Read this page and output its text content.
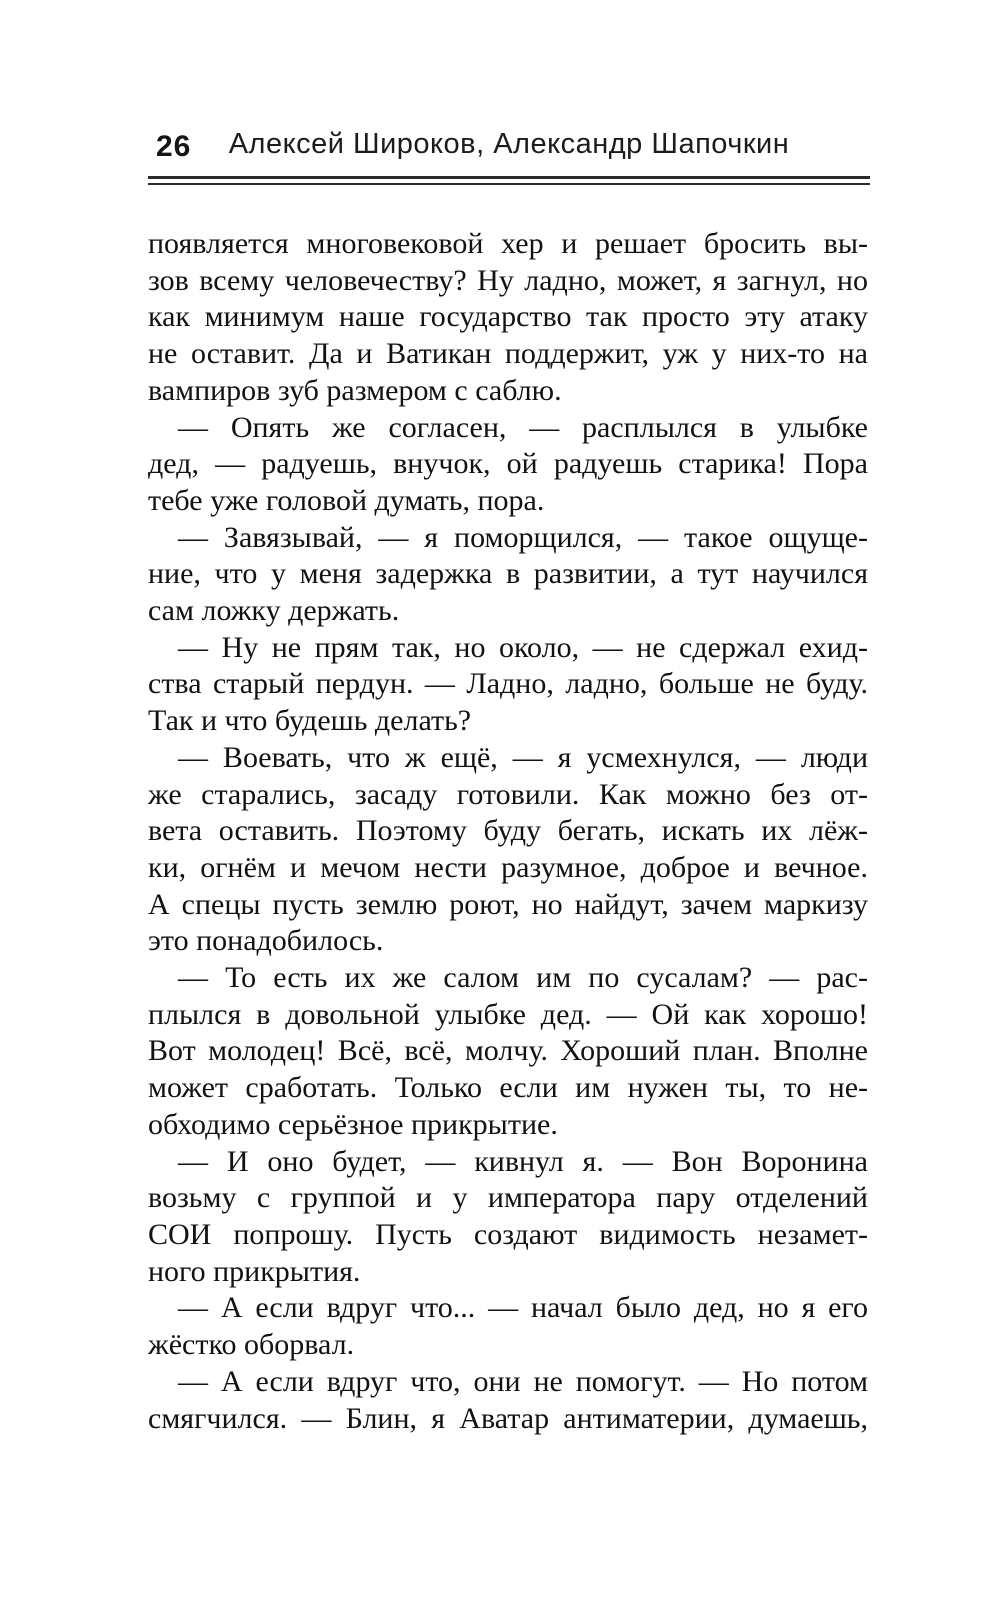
26	Алексей Широков, Александр Шапочкин
появляется многовековой хер и решает бросить вы-
зов всему человечеству? Ну ладно, может, я загнул, но
как минимум наше государство так просто эту атаку
не оставит. Да и Ватикан поддержит, уж у них-то на
вампиров зуб размером с саблю.
— Опять же согласен, — расплылся в улыбке
дед, — радуешь, внучок, ой радуешь старика! Пора
тебе уже головой думать, пора.
— Завязывай, — я поморщился, — такое ощуще-
ние, что у меня задержка в развитии, а тут научился
сам ложку держать.
— Ну не прям так, но около, — не сдержал ехид-
ства старый пердун. — Ладно, ладно, больше не буду.
Так и что будешь делать?
— Воевать, что ж ещё, — я усмехнулся, — люди
же старались, засаду готовили. Как можно без от-
вета оставить. Поэтому буду бегать, искать их лёж-
ки, огнём и мечом нести разумное, доброе и вечное.
А спецы пусть землю роют, но найдут, зачем маркизу
это понадобилось.
— То есть их же салом им по сусалам? — рас-
плылся в довольной улыбке дед. — Ой как хорошо!
Вот молодец! Всё, всё, молчу. Хороший план. Вполне
может сработать. Только если им нужен ты, то не-
обходимо серьёзное прикрытие.
— И оно будет, — кивнул я. — Вон Воронина
возьму с группой и у императора пару отделений
СОИ попрошу. Пусть создают видимость незамет-
ного прикрытия.
— А если вдруг что... — начал было дед, но я его
жёстко оборвал.
— А если вдруг что, они не помогут. — Но потом
смягчился. — Блин, я Аватар антиматерии, думаешь,
